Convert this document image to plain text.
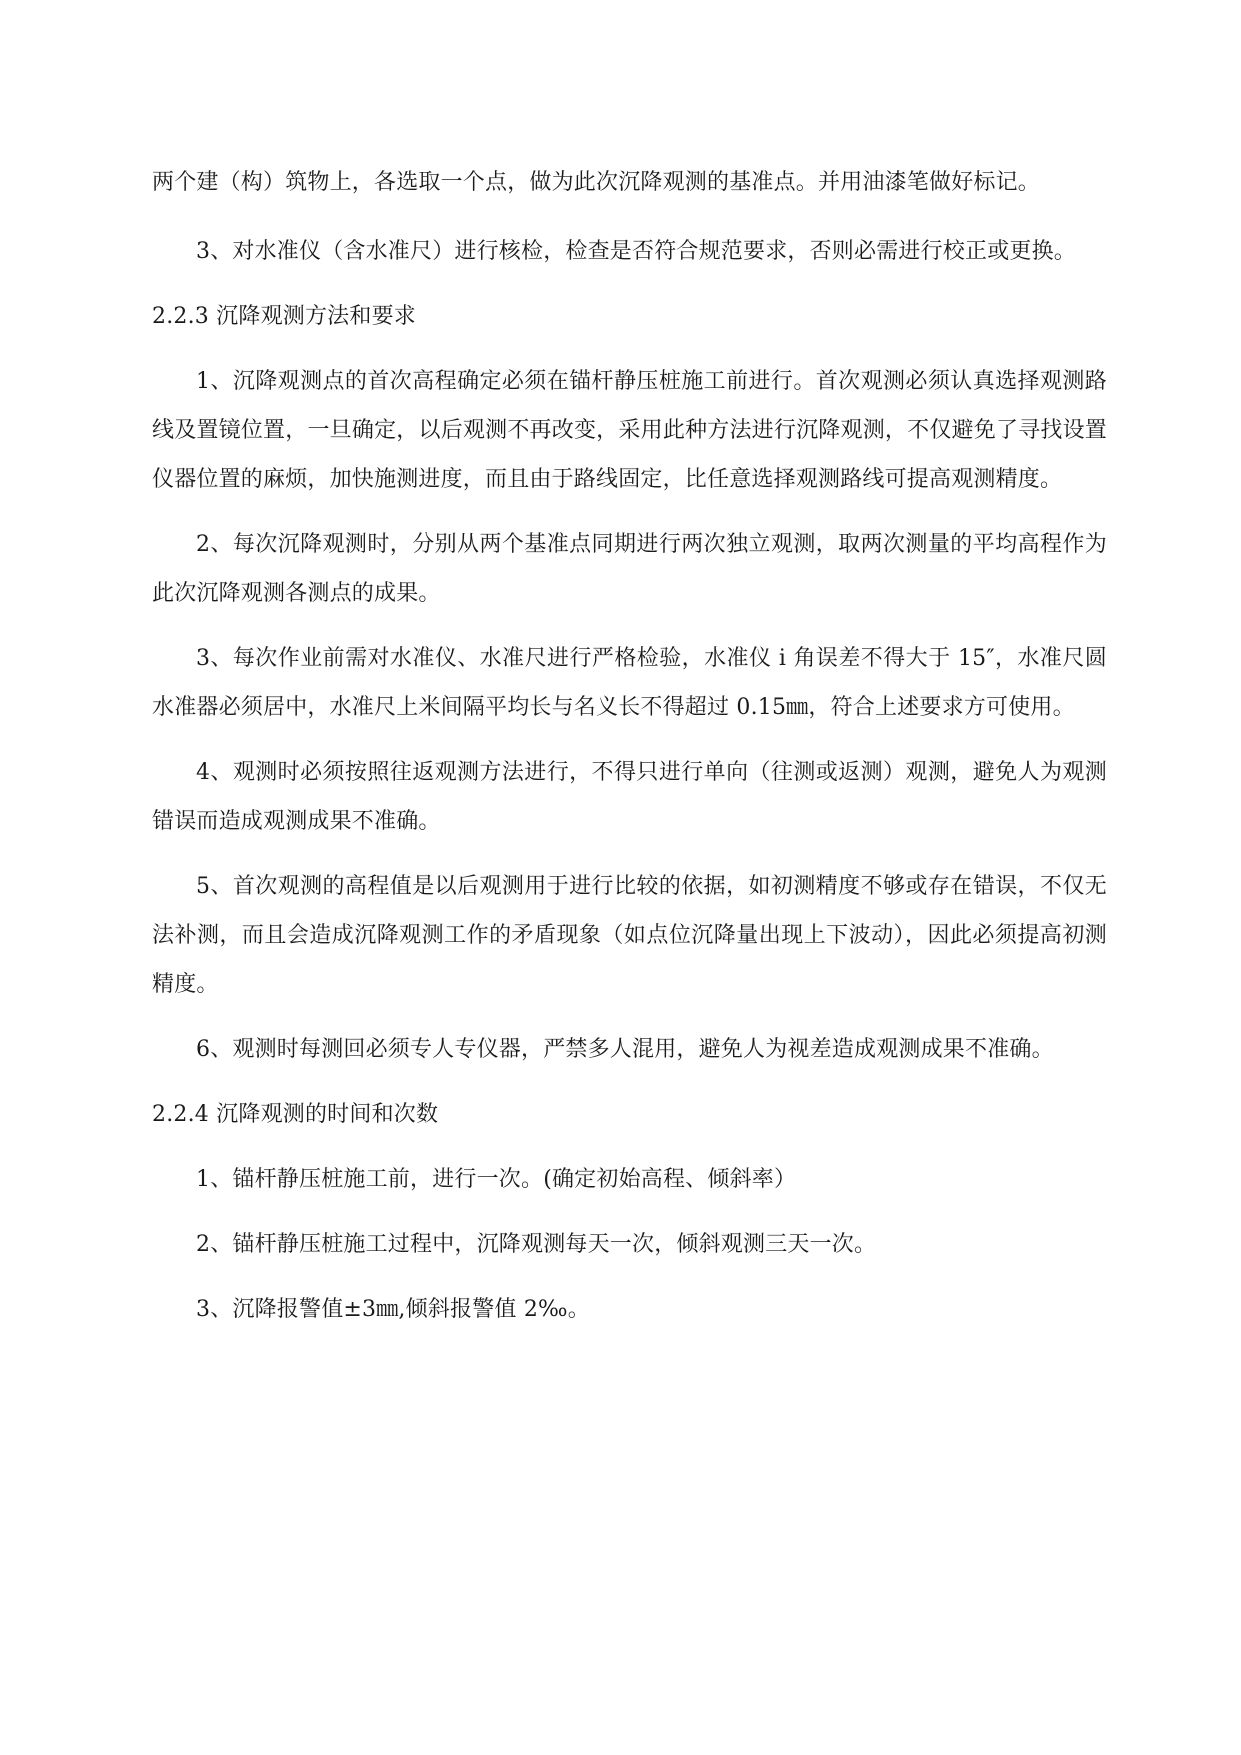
两个建（构）筑物上，各选取一个点，做为此次沉降观测的基准点。并用油漆笔做好标记。

3、对水准仪（含水准尺）进行核检，检查是否符合规范要求，否则必需进行校正或更换。

2.2.3 沉降观测方法和要求

1、沉降观测点的首次高程确定必须在锚杆静压桩施工前进行。首次观测必须认真选择观测路线及置镜位置，一旦确定，以后观测不再改变，采用此种方法进行沉降观测，不仅避免了寻找设置仪器位置的麻烦，加快施测进度，而且由于路线固定，比任意选择观测路线可提高观测精度。

2、每次沉降观测时，分别从两个基准点同期进行两次独立观测，取两次测量的平均高程作为此次沉降观测各测点的成果。

3、每次作业前需对水准仪、水准尺进行严格检验，水准仪 i 角误差不得大于 15″，水准尺圆水准器必须居中，水准尺上米间隔平均长与名义长不得超过 0.15㎜，符合上述要求方可使用。

4、观测时必须按照往返观测方法进行，不得只进行单向（往测或返测）观测，避免人为观测错误而造成观测成果不准确。

5、首次观测的高程值是以后观测用于进行比较的依据，如初测精度不够或存在错误，不仅无法补测，而且会造成沉降观测工作的矛盾现象（如点位沉降量出现上下波动），因此必须提高初测精度。

6、观测时每测回必须专人专仪器，严禁多人混用，避免人为视差造成观测成果不准确。

2.2.4 沉降观测的时间和次数

1、锚杆静压桩施工前，进行一次。(确定初始高程、倾斜率）

2、锚杆静压桩施工过程中，沉降观测每天一次，倾斜观测三天一次。

3、沉降报警值±3㎜,倾斜报警值 2‰。
